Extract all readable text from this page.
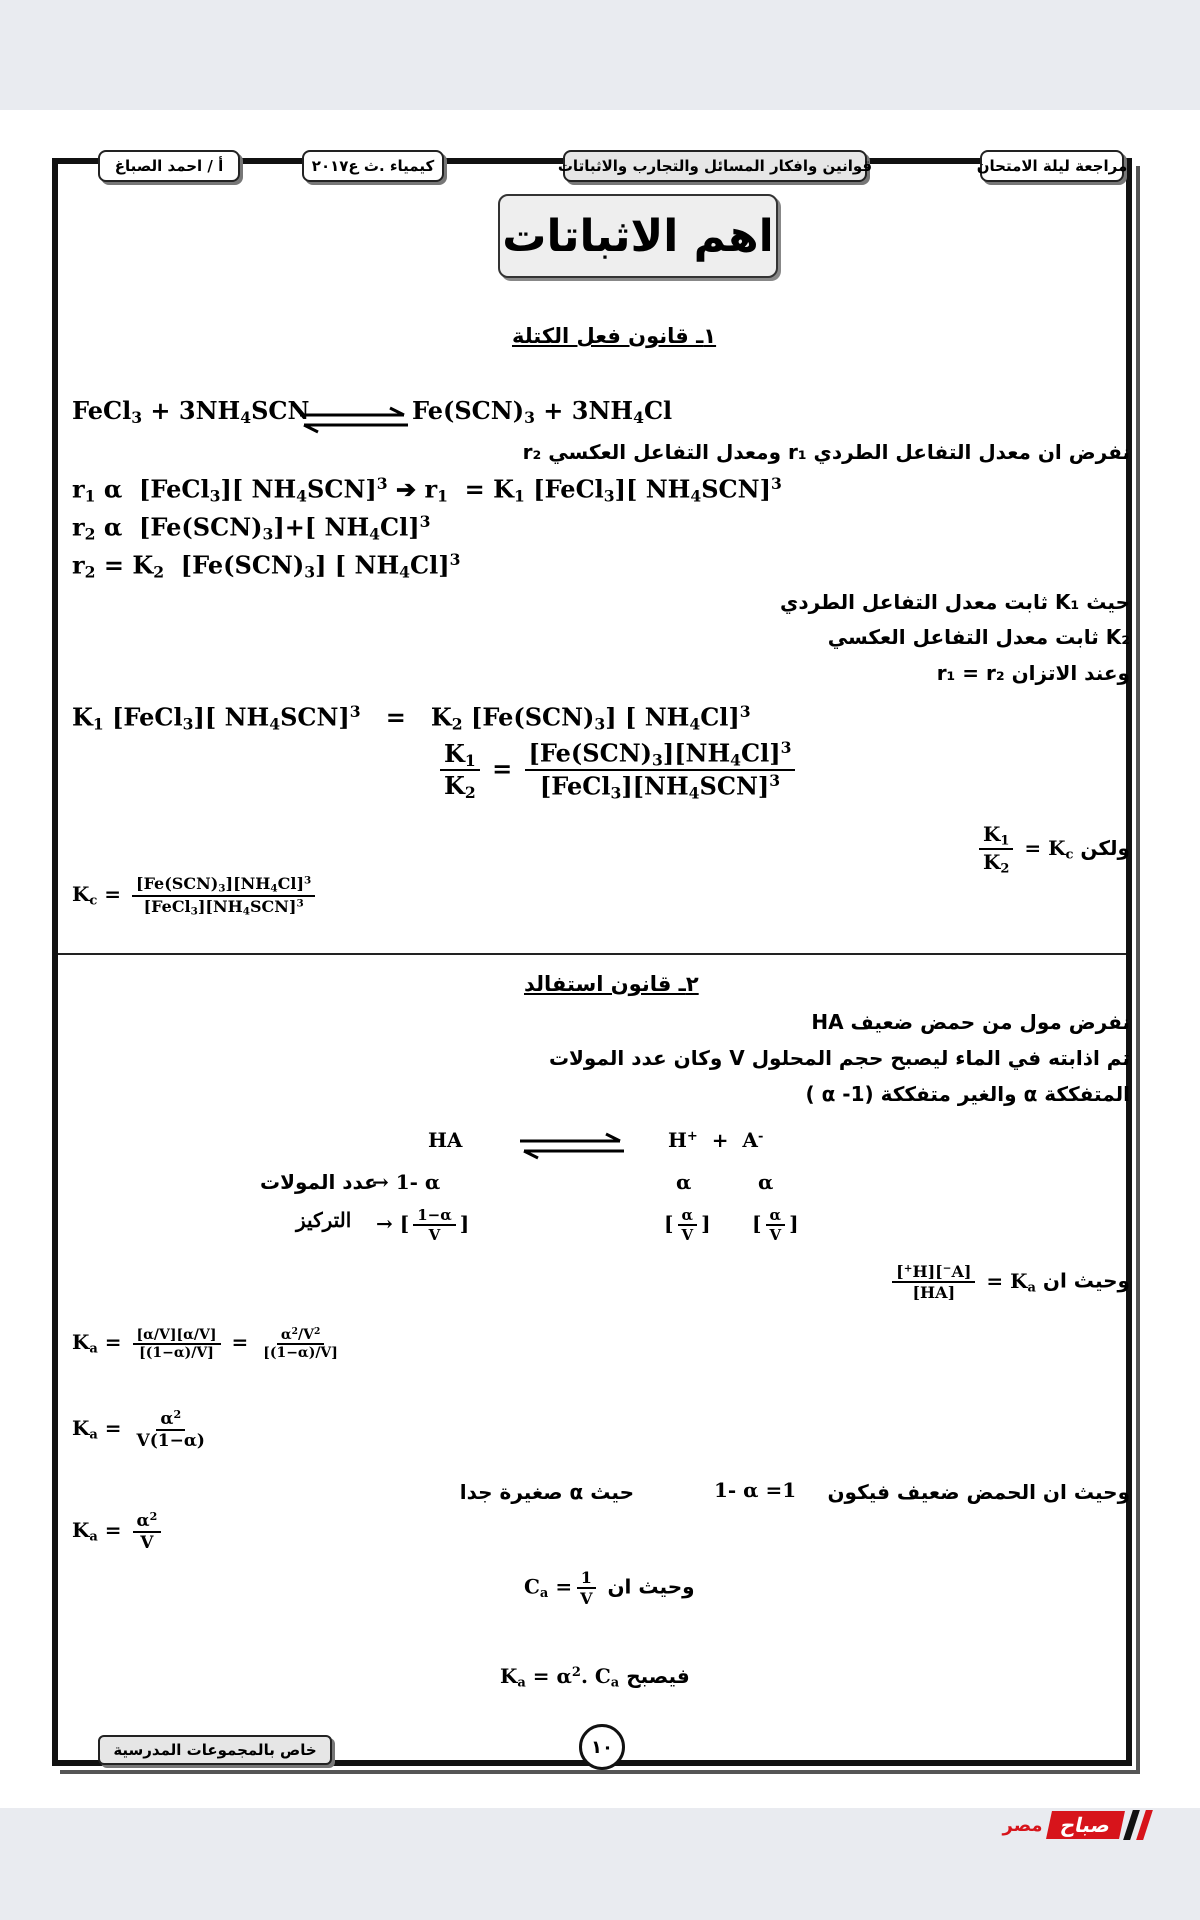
مراجعة ليلة الامتحان
قوانين وافكار المسائل والتجارب والاثباتات
كيمياء .ث ع٢٠١٧
أ / احمد الصباغ
اهم الاثباتات
١ـ قانون فعل الكتلة
FeCl$_3$ + $3NH_4SCN$	$Fe(SCN)_3 + 3NH_4Cl$
نفرض ان معدل التفاعل الطردي r₁ ومعدل التفاعل العكسي r₂
$r_1$ α  [FeCl$_3$][ $NH_4SCN]^3$ ➔ $r_1 = K_1$ [FeCl$_3$][ $NH_4SCN]^3$
$r_2$ α  $[Fe(SCN)_3]+$[ $NH_4Cl]^3$
$r_2 = K_2$  $[Fe(SCN)_3]$ [ $NH_4Cl]^3$
حيث K₁ ثابت معدل التفاعل الطردي
K₂ ثابت معدل التفاعل العكسي
وعند الاتزان r₁ = r₂
$K_1$ [FeCl$_3$][ $NH_4SCN]^3 = K_2$ $[Fe(SCN)_3]$ [ $NH_4Cl]^3$
$\frac{K_1}{K_2} = \frac{[Fe(SCN)_3][NH_4Cl]^3}{[FeCl_3][NH_4SCN]^3}$
ولكن $K_c$ =
$\frac{K_1}{K_2}$
$K_c = \frac{[Fe(SCN)_3][NH_4Cl]^3}{[FeCl_3][NH_4SCN]^3}$
٢ـ قانون استفالد
نفرض مول من حمض ضعيف HA
تم اذابته في الماء ليصبح حجم المحلول V وكان عدد المولات
المتفككة α والغير متفككة (α -1 )
HA	H+  +  A-
عدد المولات
→ 1- α	α	α
التركيز → [ $\frac{1-\alpha}{V}$ ]	[ $\frac{\alpha}{V}$ ] [ $\frac{\alpha}{V}$ ]
وحيث ان $K_a$ =
$\frac{[A^-][H^+]}{[HA]}$
$K_a = \frac{[\alpha/V][\alpha/V]}{[(1-\alpha)/V]} = \frac{\alpha^2/V^2}{[(1-\alpha)/V]}$
$K_a = \frac{\alpha^2}{V(1-\alpha)}$
وحيث ان الحمض ضعيف فيكون
1- α =1
حيث α صغيرة جدا
$K_a = \frac{\alpha^2}{V}$
$C_a = \frac{1}{V}$ وحيث ان
$K_a = \alpha^2$. $C_a$ فيصبح
خاص بالمجموعات المدرسية	١٠
مصر صباح
